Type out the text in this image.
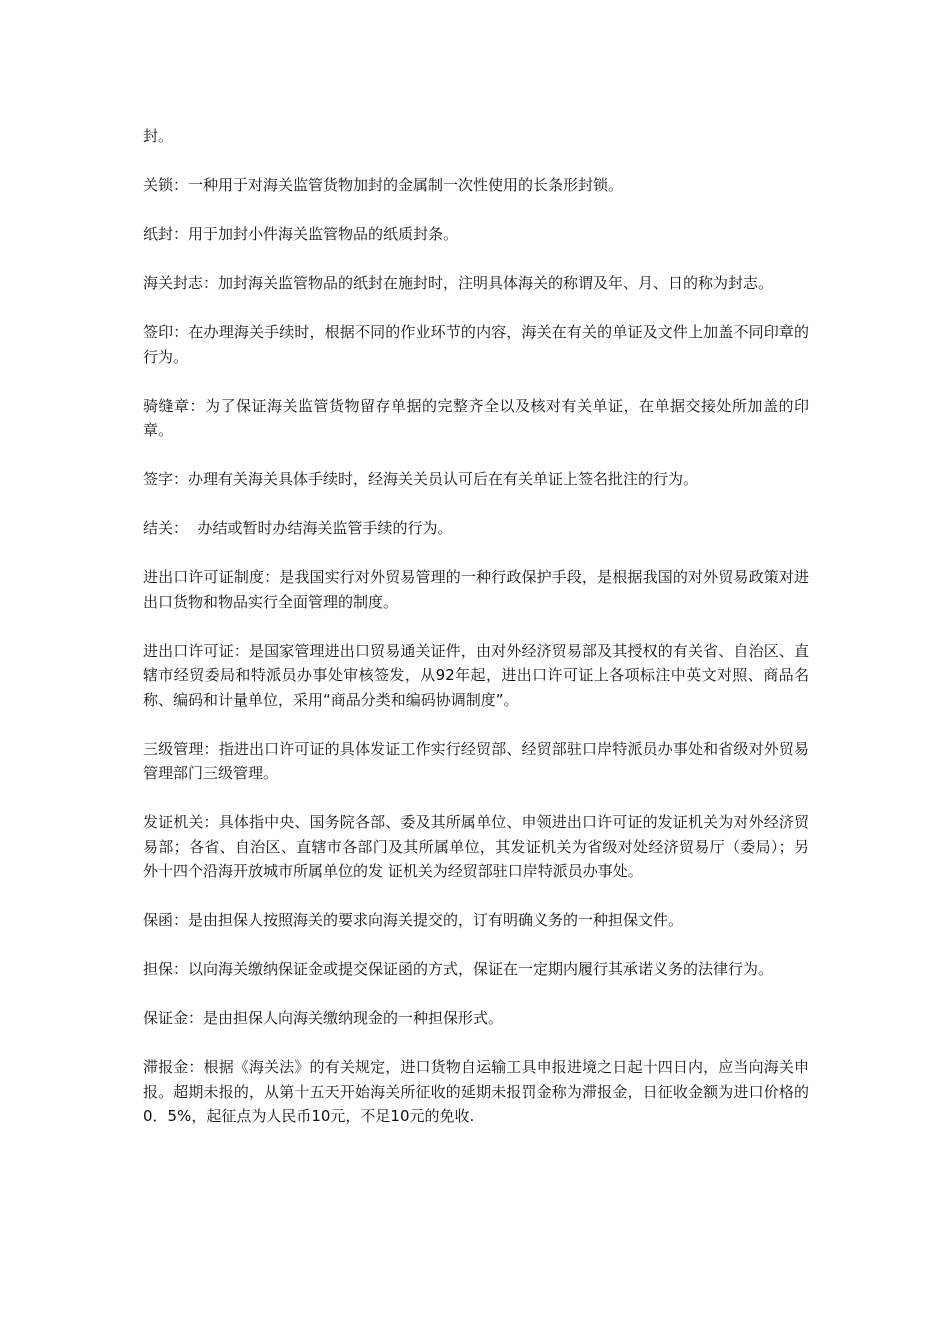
封。

关锁：一种用于对海关监管货物加封的金属制一次性使用的长条形封锁。

纸封：用于加封小件海关监管物品的纸质封条。

海关封志：加封海关监管物品的纸封在施封时，注明具体海关的称谓及年、月、日的称为封志。

签印：在办理海关手续时，根据不同的作业环节的内容，海关在有关的单证及文件上加盖不同印章的行为。

骑缝章：为了保证海关监管货物留存单据的完整齐全以及核对有关单证，在单据交接处所加盖的印章。

签字：办理有关海关具体手续时，经海关关员认可后在有关单证上签名批注的行为。

结关：  办结或暂时办结海关监管手续的行为。

进出口许可证制度：是我国实行对外贸易管理的一种行政保护手段，是根据我国的对外贸易政策对进出口货物和物品实行全面管理的制度。

进出口许可证：是国家管理进出口贸易通关证件，由对外经济贸易部及其授权的有关省、自治区、直辖市经贸委局和特派员办事处审核签发，从92年起，进出口许可证上各项标注中英文对照、商品名称、编码和计量单位，采用“商品分类和编码协调制度”。

三级管理：指进出口许可证的具体发证工作实行经贸部、经贸部驻口岸特派员办事处和省级对外贸易管理部门三级管理。

发证机关：具体指中央、国务院各部、委及其所属单位、申领进出口许可证的发证机关为对外经济贸易部；各省、自治区、直辖市各部门及其所属单位，其发证机关为省级对处经济贸易厅（委局）；另外十四个沿海开放城市所属单位的发 证机关为经贸部驻口岸特派员办事处。

保函：是由担保人按照海关的要求向海关提交的，订有明确义务的一种担保文件。

担保：以向海关缴纳保证金或提交保证函的方式，保证在一定期内履行其承诺义务的法律行为。

保证金：是由担保人向海关缴纳现金的一种担保形式。

滞报金：根据《海关法》的有关规定，进口货物自运输工具申报进境之日起十四日内，应当向海关申报。超期未报的，从第十五天开始海关所征收的延期未报罚金称为滞报金，日征收金额为进口价格的0．5%，起征点为人民币10元，不足10元的免收.
